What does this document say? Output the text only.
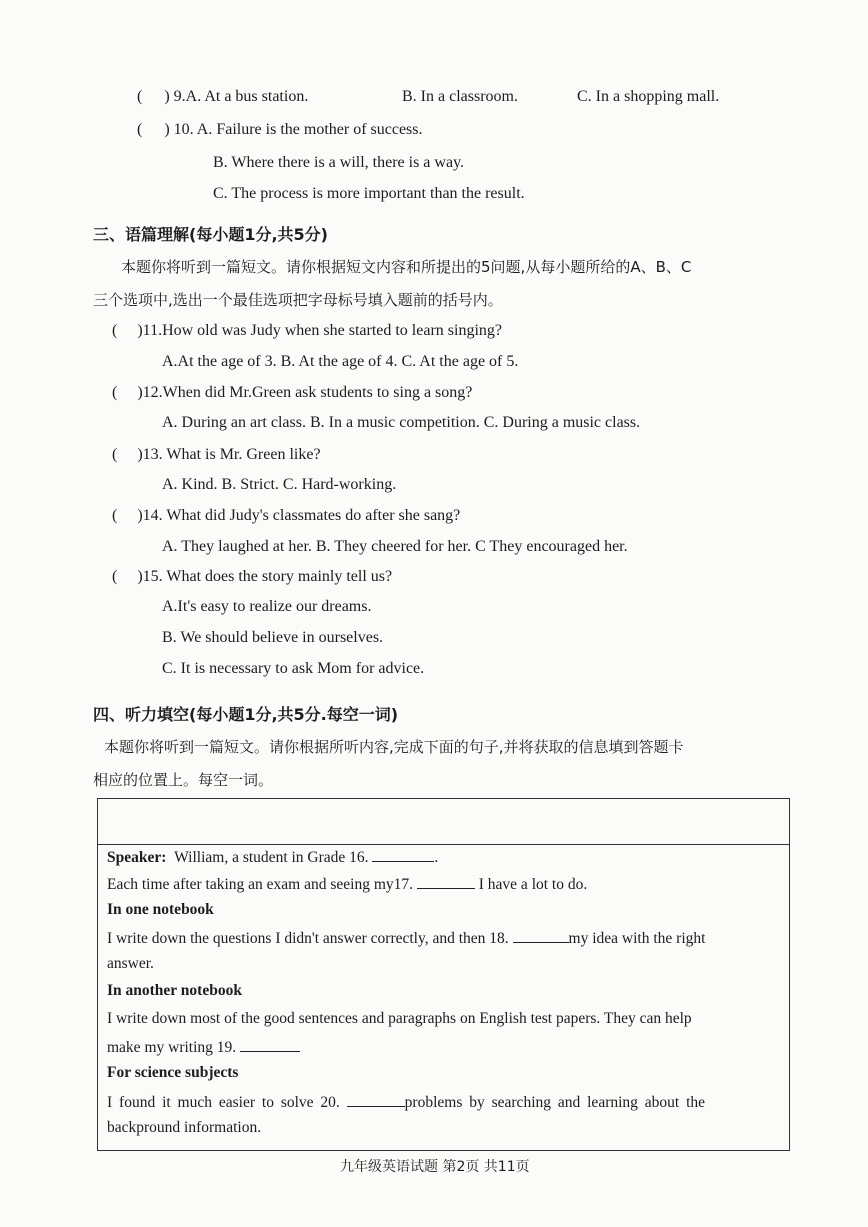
( ) 9.A. At a bus station.	B. In a classroom.	C. In a shopping mall.
( ) 10. A. Failure is the mother of success.
B. Where there is a will, there is a way.
C. The process is more important than the result.
三、语篇理解(每小题1分,共5分)
本题你将听到一篇短文。请你根据短文内容和所提出的5问题,从每小题所给的A、B、C
三个选项中,选出一个最佳选项把字母标号填入题前的括号内。
( )11.How old was Judy when she started to learn singing?
A.At the age of 3. B. At the age of 4. C. At the age of 5.
( )12.When did Mr.Green ask students to sing a song?
A. During an art class. B. In a music competition. C. During a music class.
( )13. What is Mr. Green like?
A. Kind. B. Strict. C. Hard-working.
( )14. What did Judy's classmates do after she sang?
A. They laughed at her. B. They cheered for her. C They encouraged her.
( )15. What does the story mainly tell us?
A.It's easy to realize our dreams.
B. We should believe in ourselves.
C. It is necessary to ask Mom for advice.
四、听力填空(每小题1分,共5分.每空一词)
本题你将听到一篇短文。请你根据所听内容,完成下面的句子,并将获取的信息填到答题卡
相应的位置上。每空一词。
Speaker: William, a student in Grade 16.	.
Each time after taking an exam and seeing my17.	I have a lot to do.
In one notebook
I write down the questions I didn't answer correctly, and then 18.	my idea with the right
answer.
In another notebook
I write down most of the good sentences and paragraphs on English test papers. They can help
make my writing 19.
For science subjects
I found it much easier to solve 20.	problems by searching and learning about the
backpround information.
九年级英语试题 第2页 共11页
